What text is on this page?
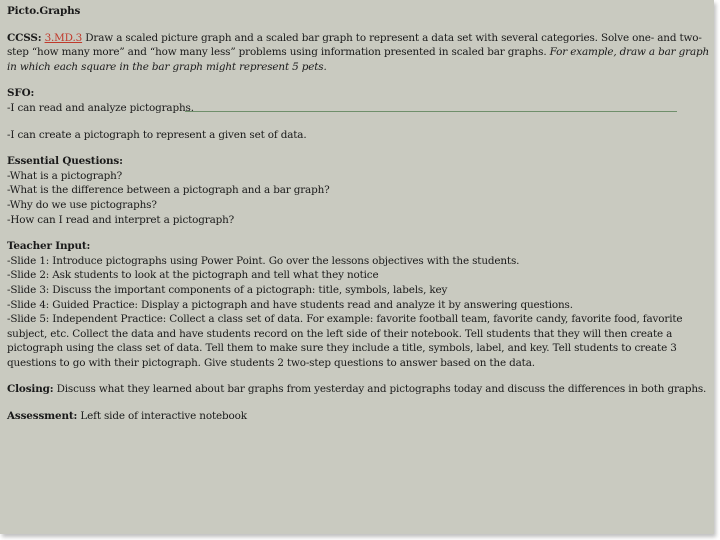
Picto.Graphs
CCSS: 3.MD.3 Draw a scaled picture graph and a scaled bar graph to represent a data set with several categories. Solve one- and two-step “how many more” and “how many less” problems using information presented in scaled bar graphs. For example, draw a bar graph in which each square in the bar graph might represent 5 pets.
SFO:
-I can read and analyze pictographs.
-I can create a pictograph to represent a given set of data.
Essential Questions:
-What is a pictograph?
-What is the difference between a pictograph and a bar graph?
-Why do we use pictographs?
-How can I read and interpret a pictograph?
Teacher Input:
-Slide 1: Introduce pictographs using Power Point. Go over the lessons objectives with the students.
-Slide 2: Ask students to look at the pictograph and tell what they notice
-Slide 3: Discuss the important components of a pictograph: title, symbols, labels, key
-Slide 4: Guided Practice: Display a pictograph and have students read and analyze it by answering questions.
-Slide 5: Independent Practice: Collect a class set of data. For example: favorite football team, favorite candy, favorite food, favorite subject, etc. Collect the data and have students record on the left side of their notebook. Tell students that they will then create a pictograph using the class set of data. Tell them to make sure they include a title, symbols, label, and key. Tell students to create 3 questions to go with their pictograph. Give students 2 two-step questions to answer based on the data.
Closing: Discuss what they learned about bar graphs from yesterday and pictographs today and discuss the differences in both graphs.
Assessment: Left side of interactive notebook
